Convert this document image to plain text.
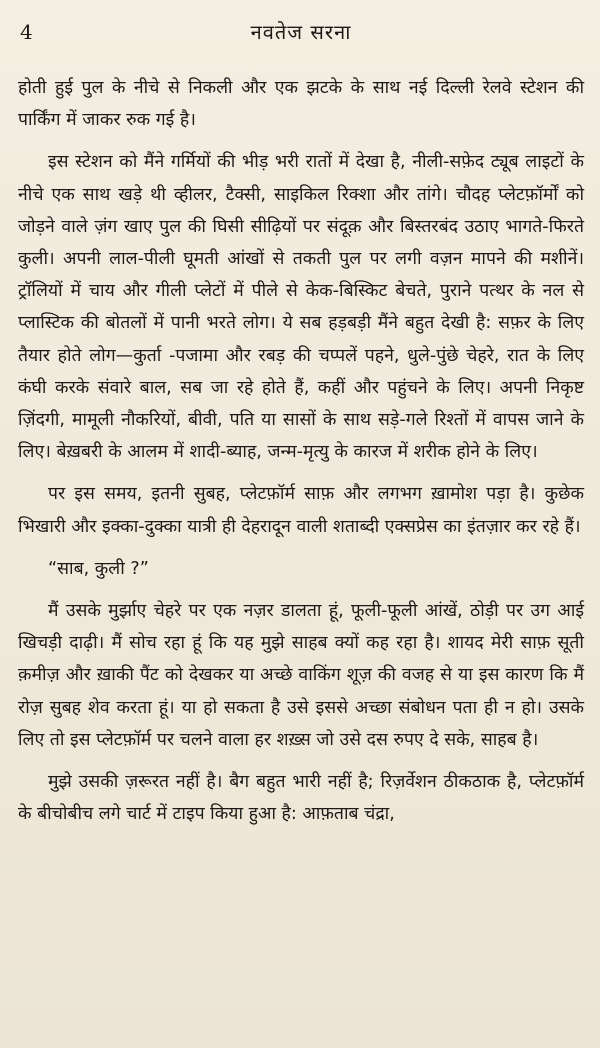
4	नवतेज सरना

होती हुई पुल के नीचे से निकली और एक झटके के साथ नई दिल्ली रेलवे स्टेशन की पार्किंग में जाकर रुक गई है।

इस स्टेशन को मैंने गर्मियों की भीड़ भरी रातों में देखा है, नीली-सफ़ेद ट्यूब लाइटों के नीचे एक साथ खड़े थी व्हीलर, टैक्सी, साइकिल रिक्शा और तांगे। चौदह प्लेटफ़ॉर्मों को जोड़ने वाले ज़ंग खाए पुल की घिसी सीढ़ियों पर संदूक़ और बिस्तरबंद उठाए भागते-फिरते कुली। अपनी लाल-पीली घूमती आंखों से तकती पुल पर लगी वज़न मापने की मशीनें। ट्रॉलियों में चाय और गीली प्लेटों में पीले से केक-बिस्किट बेचते, पुराने पत्थर के नल से प्लास्टिक की बोतलों में पानी भरते लोग। ये सब हड़बड़ी मैंने बहुत देखी है: सफ़र के लिए तैयार होते लोग—कुर्ता -पजामा और रबड़ की चप्पलें पहने, धुले-पुंछे चेहरे, रात के लिए कंघी करके संवारे बाल, सब जा रहे होते हैं, कहीं और पहुंचने के लिए। अपनी निकृष्ट ज़िंदगी, मामूली नौकरियों, बीवी, पति या सासों के साथ सड़े-गले रिश्तों में वापस जाने के लिए। बेख़बरी के आलम में शादी-ब्याह, जन्म-मृत्यु के कारज में शरीक होने के लिए।

पर इस समय, इतनी सुबह, प्लेटफ़ॉर्म साफ़ और लगभग ख़ामोश पड़ा है। कुछेक भिखारी और इक्का-दुक्का यात्री ही देहरादून वाली शताब्दी एक्सप्रेस का इंतज़ार कर रहे हैं।

“साब, कुली ?”

मैं उसके मुर्झाए चेहरे पर एक नज़र डालता हूं, फूली-फूली आंखें, ठोड़ी पर उग आई खिचड़ी दाढ़ी। मैं सोच रहा हूं कि यह मुझे साहब क्यों कह रहा है। शायद मेरी साफ़ सूती क़मीज़ और ख़ाकी पैंट को देखकर या अच्छे वाकिंग शूज़ की वजह से या इस कारण कि मैं रोज़ सुबह शेव करता हूं। या हो सकता है उसे इससे अच्छा संबोधन पता ही न हो। उसके लिए तो इस प्लेटफ़ॉर्म पर चलने वाला हर शख़्स जो उसे दस रुपए दे सके, साहब है।

मुझे उसकी ज़रूरत नहीं है। बैग बहुत भारी नहीं है; रिज़र्वेशन ठीकठाक है, प्लेटफ़ॉर्म के बीचोबीच लगे चार्ट में टाइप किया हुआ है: आफ़ताब चंद्रा,
